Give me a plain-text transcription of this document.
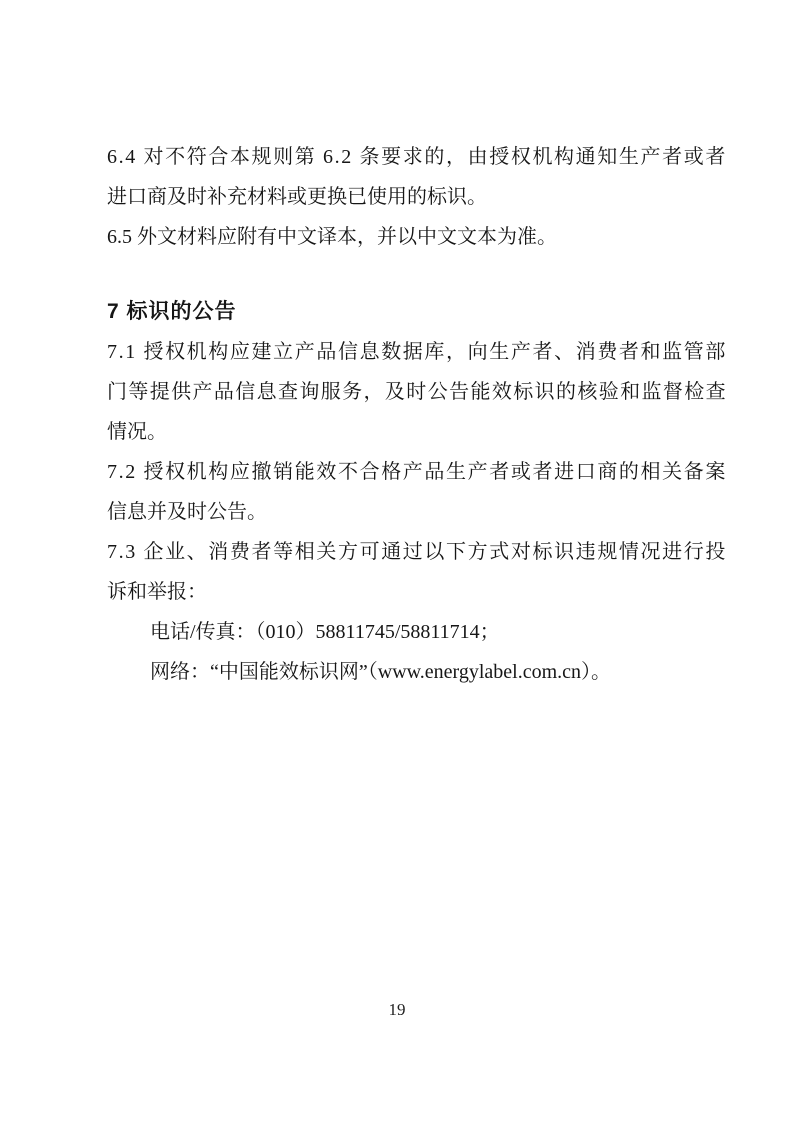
6.4 对不符合本规则第 6.2 条要求的，由授权机构通知生产者或者
进口商及时补充材料或更换已使用的标识。
6.5 外文材料应附有中文译本，并以中文文本为准。
7 标识的公告
7.1 授权机构应建立产品信息数据库，向生产者、消费者和监管部
门等提供产品信息查询服务，及时公告能效标识的核验和监督检查
情况。
7.2 授权机构应撤销能效不合格产品生产者或者进口商的相关备案
信息并及时公告。
7.3 企业、消费者等相关方可通过以下方式对标识违规情况进行投
诉和举报：
电话/传真：（010）58811745/58811714；
网络：“中国能效标识网”（www.energylabel.com.cn）。
19
